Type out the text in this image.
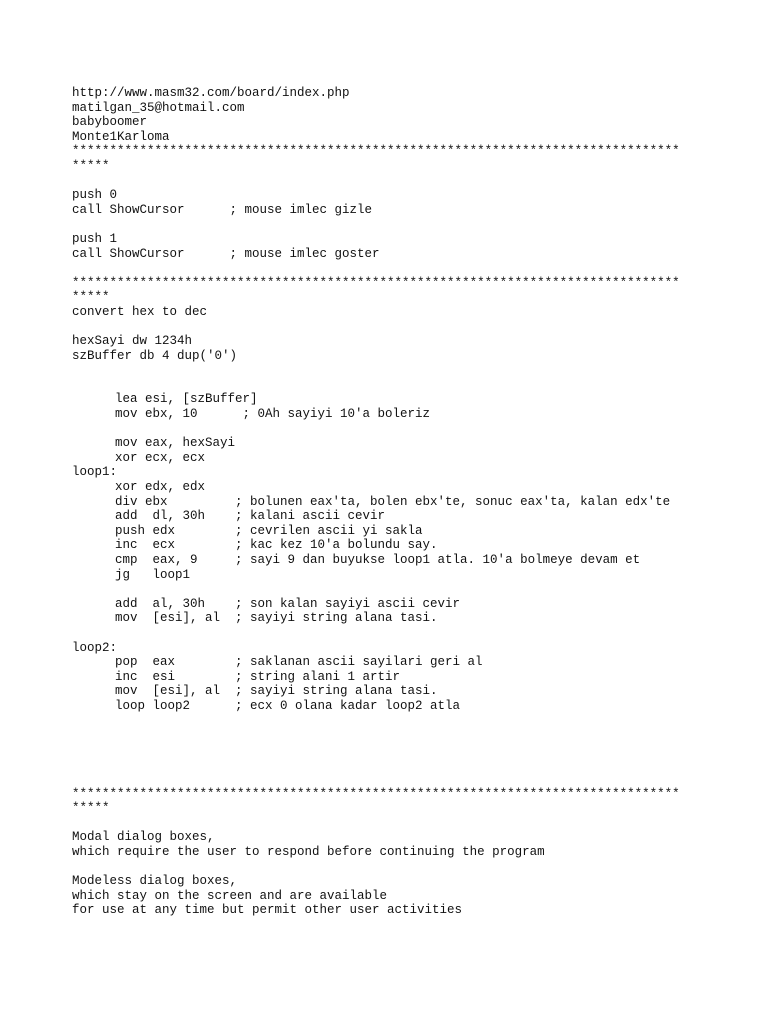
http://www.masm32.com/board/index.php
matilgan_35@hotmail.com
babyboomer
Monte1Karloma
*********************************************************************************
*****
push 0
call ShowCursor      ; mouse imlec gizle
push 1
call ShowCursor      ; mouse imlec goster
*********************************************************************************
*****
convert hex to dec
hexSayi dw 1234h
szBuffer db 4 dup('0')
lea esi, [szBuffer]
mov ebx, 10      ; 0Ah sayiyi 10'a boleriz
mov eax, hexSayi
xor ecx, ecx
loop1:
xor edx, edx
div ebx         ; bolunen eax'ta, bolen ebx'te, sonuc eax'ta, kalan edx'te
add  dl, 30h    ; kalani ascii cevir
push edx        ; cevrilen ascii yi sakla
inc  ecx        ; kac kez 10'a bolundu say.
cmp  eax, 9     ; sayi 9 dan buyukse loop1 atla. 10'a bolmeye devam et
jg   loop1
add  al, 30h    ; son kalan sayiyi ascii cevir
mov  [esi], al  ; sayiyi string alana tasi.
loop2:
pop  eax        ; saklanan ascii sayilari geri al
inc  esi        ; string alani 1 artir
mov  [esi], al  ; sayiyi string alana tasi.
loop loop2      ; ecx 0 olana kadar loop2 atla
*********************************************************************************
*****
Modal dialog boxes,
which require the user to respond before continuing the program
Modeless dialog boxes,
which stay on the screen and are available
for use at any time but permit other user activities
